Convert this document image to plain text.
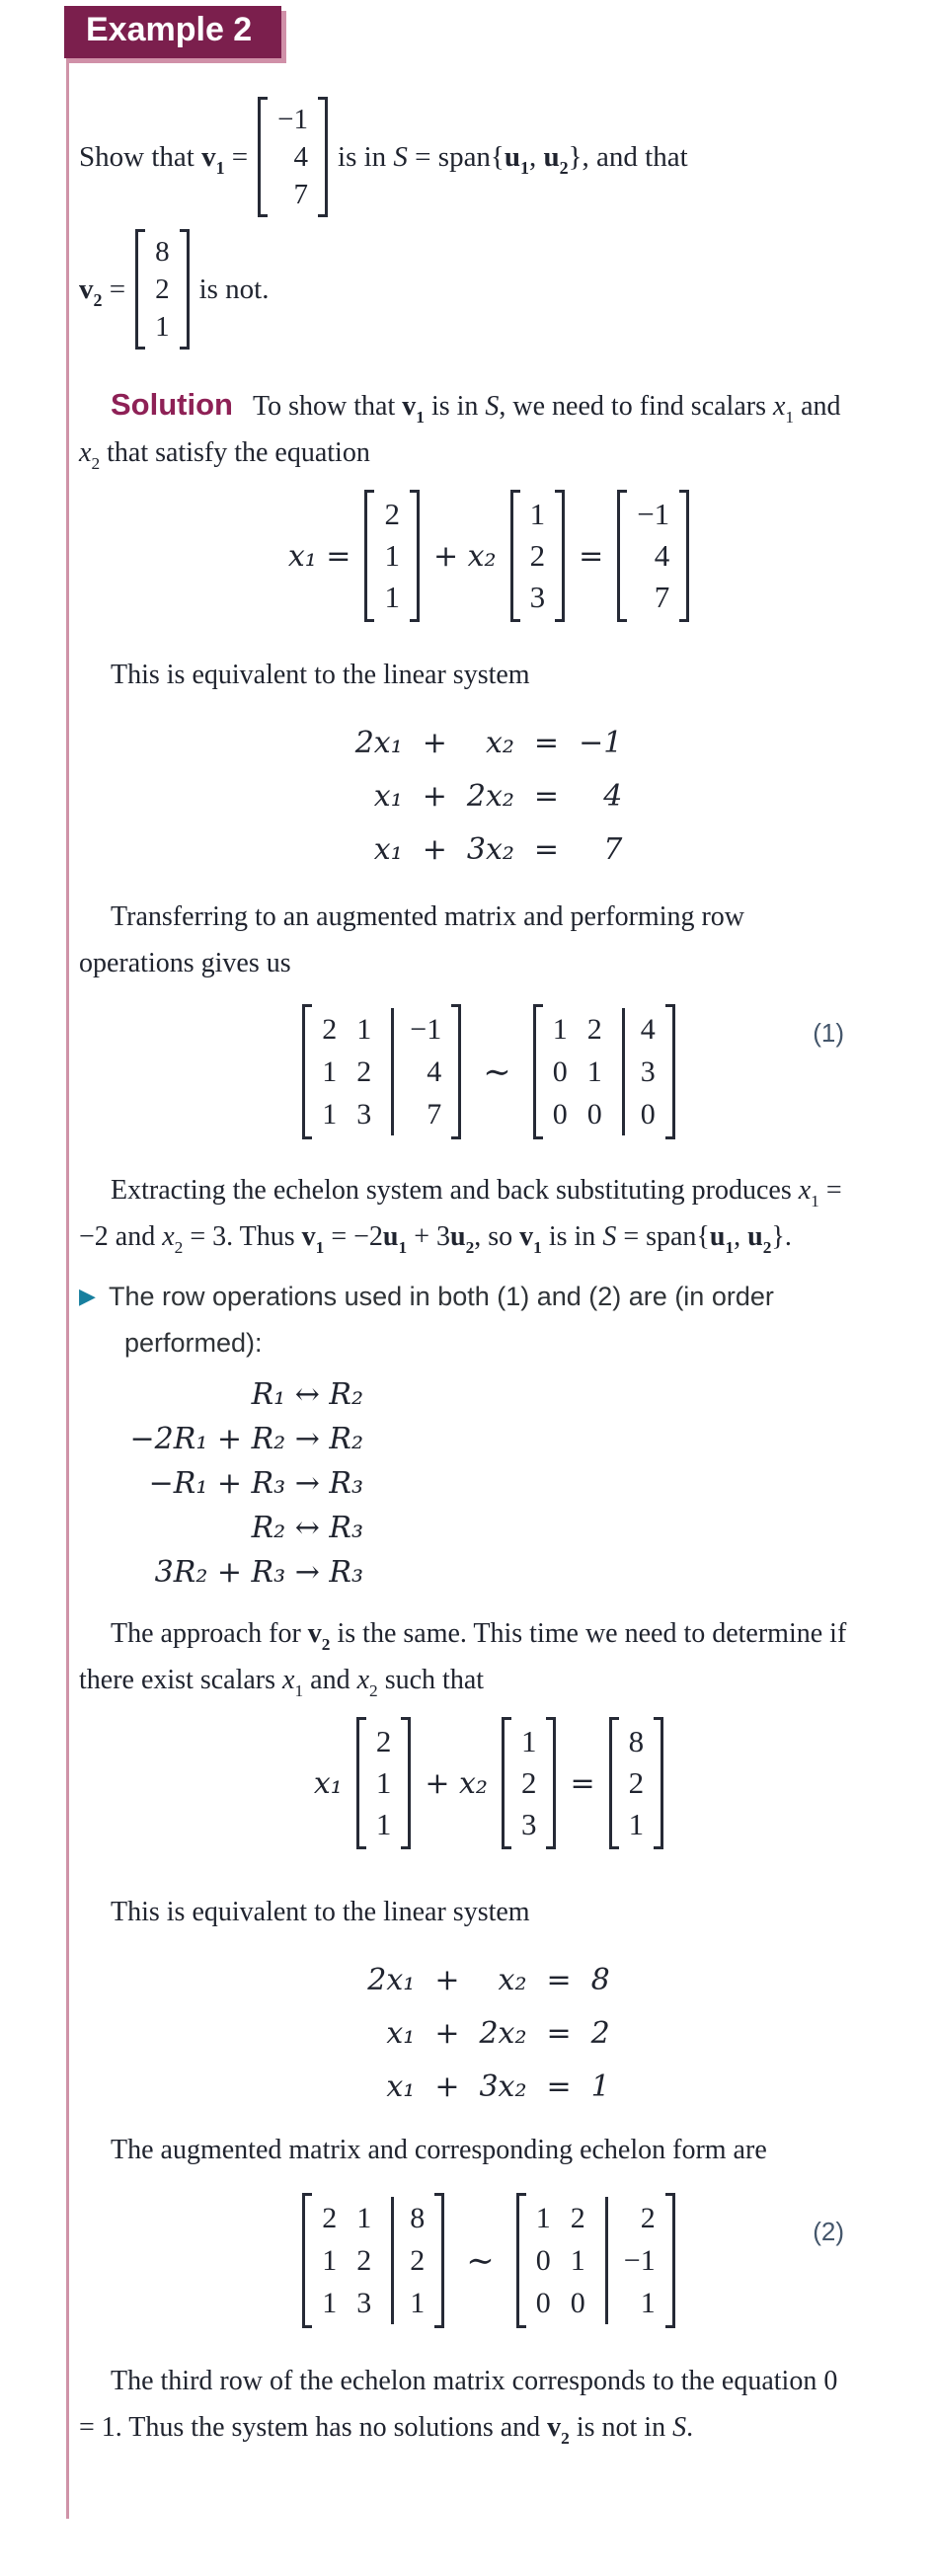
Example 2
Show that $v_1$ =
−1
4
7
is in $S = span\{u_1$, $u_2$}, and that
$v_2$ =
8
2
1
is not.

Solution To show that $v_1$ is in S, we need to find scalars $x_1$ and $x_2$ that satisfy the equation

x₁ =
2
1
1
+ x₂
1
2
3
=
−1
4
7

This is equivalent to the linear system

2x₁ +	x₂ = −1
x₁ + 2x₂ =	4
x₁ + 3x₂ =	7

Transferring to an augmented matrix and performing row operations gives us

2 1	−1
1 2	4
1 3	7
∼
1 2	4
0 1	3
0 0	0
(1)

Extracting the echelon system and back substituting produces $x_1 = -2$ and $x_2 = 3$. Thus $v_1 = -2u_1 + 3u_2$, so $v_1$ is in $S = span\{u_1$, $u_2$}.

▶ The row operations used in both (1) and (2) are (in order performed):
R₁ ↔ R₂
−2R₁ + R₂ → R₂
−R₁ + R₃ → R₃
R₂ ↔ R₃
3R₂ + R₃ → R₃

The approach for $v_2$ is the same. This time we need to determine if there exist scalars $x_1$ and $x_2$ such that

x₁
2
1
1
+ x₂
1
2
3
=
8
2
1

This is equivalent to the linear system

2x₁ +	x₂ = 8
x₁ + 2x₂ = 2
x₁ + 3x₂ = 1

The augmented matrix and corresponding echelon form are

2 1	8
1 2	2
1 3	1
∼
1 2	2
0 1	−1
0 0	1
(2)

The third row of the echelon matrix corresponds to the equation 0 = 1. Thus the system has no solutions and $v_2$ is not in S.
